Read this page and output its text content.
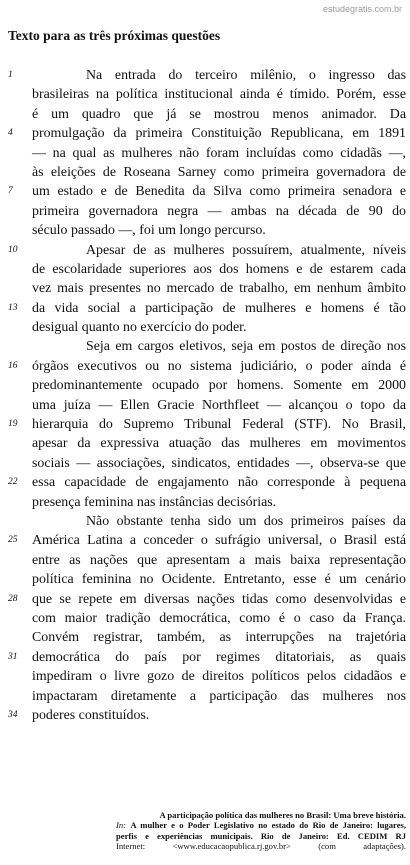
estudegratis.com.br
Texto para as três próximas questões
1
4
7
10
13
16
19
22
25
28
31
34
Na entrada do terceiro milênio, o ingresso das
brasileiras na política institucional ainda é tímido. Porém, esse
é um quadro que já se mostrou menos animador. Da
promulgação da primeira Constituição Republicana, em 1891
— na qual as mulheres não foram incluídas como cidadãs —,
às eleições de Roseana Sarney como primeira governadora de
um estado e de Benedita da Silva como primeira senadora e
primeira governadora negra — ambas na década de 90 do
século passado —, foi um longo percurso.
Apesar de as mulheres possuírem, atualmente, níveis
de escolaridade superiores aos dos homens e de estarem cada
vez mais presentes no mercado de trabalho, em nenhum âmbito
da vida social a participação de mulheres e homens é tão
desigual quanto no exercício do poder.
Seja em cargos eletivos, seja em postos de direção nos
órgãos executivos ou no sistema judiciário, o poder ainda é
predominantemente ocupado por homens. Somente em 2000
uma juíza — Ellen Gracie Northfleet — alcançou o topo da
hierarquia do Supremo Tribunal Federal (STF). No Brasil,
apesar da expressiva atuação das mulheres em movimentos
sociais — associações, sindicatos, entidades —, observa-se que
essa capacidade de engajamento não corresponde à pequena
presença feminina nas instâncias decisórias.
Não obstante tenha sido um dos primeiros países da
América Latina a conceder o sufrágio universal, o Brasil está
entre as nações que apresentam a mais baixa representação
política feminina no Ocidente. Entretanto, esse é um cenário
que se repete em diversas nações tidas como desenvolvidas e
com maior tradição democrática, como é o caso da França.
Convém registrar, também, as interrupções na trajetória
democrática do país por regimes ditatoriais, as quais
impediram o livre gozo de direitos políticos pelos cidadãos e
impactaram diretamente a participação das mulheres nos
poderes constituídos.
A participação política das mulheres no Brasil: Uma breve história.
In: A mulher e o Poder Legislativo no estado do Rio de Janeiro: lugares,
perfis e experiências municipais. Rio de Janeiro: Ed. CEDIM RJ
Internet: <www.educacaopublica.rj.gov.br> (com adaptações).
